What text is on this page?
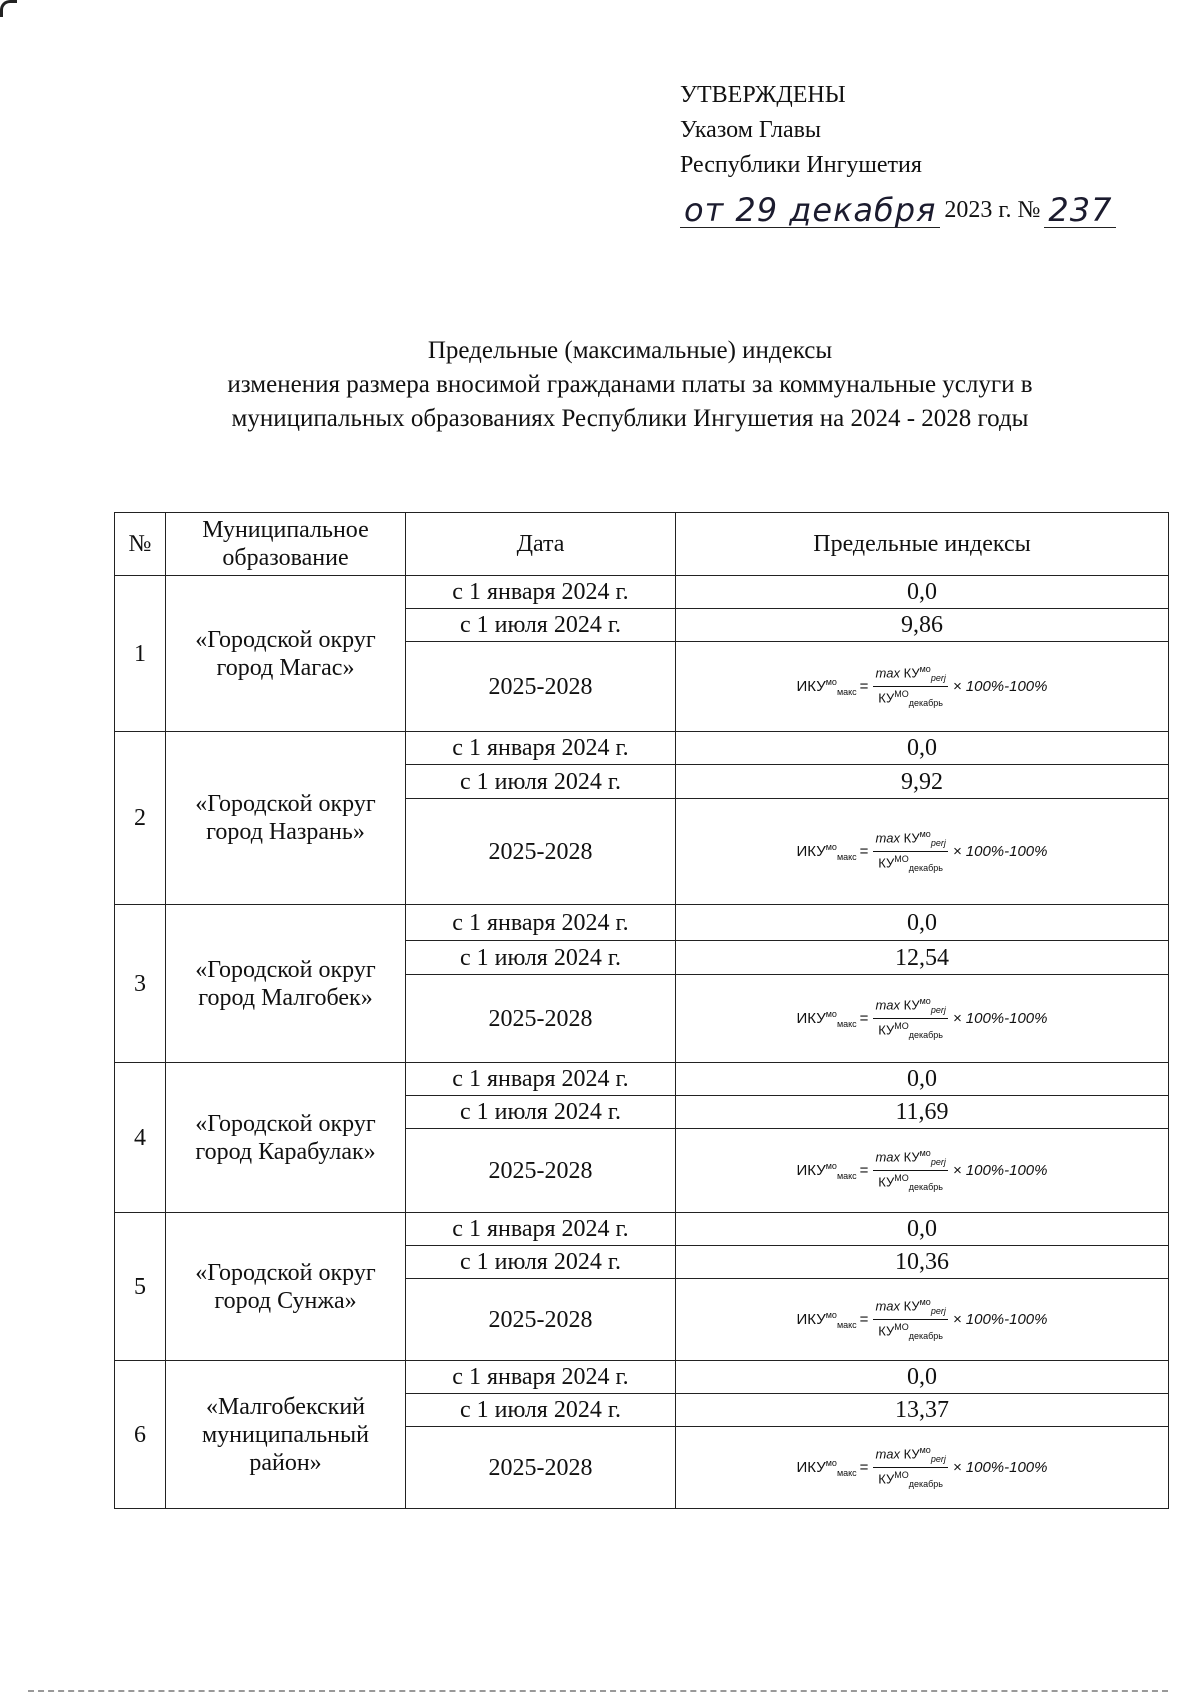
УТВЕРЖДЕНЫ
Указом Главы
Республики Ингушетия
от 29 декабря 2023 г. № 237
Предельные (максимальные) индексы
изменения размера вносимой гражданами платы за коммунальные услуги в
муниципальных образованиях Республики Ингушетия на 2024 - 2028 годы
№	Муниципальное образование	Дата	Предельные индексы
1	«Городской округ город Магас»	с 1 января 2024 г.	0,0
		с 1 июля 2024 г.	9,86
		2025-2028	$ИКУ^{мо}_{макс} = \frac{\max КУ^{мо}_{perj}}{КУ^{МО}_{декабрь}} \times 100\%-100\%$

2	«Городской округ город Назрань»	с 1 января 2024 г.	0,0
		с 1 июля 2024 г.	9,92
		2025-2028	$ИКУ^{мо}_{макс} = \frac{\max КУ^{мо}_{perj}}{КУ^{МО}_{декабрь}} \times 100\%-100\%$

3	«Городской округ город Малгобек»	с 1 января 2024 г.	0,0
		с 1 июля 2024 г.	12,54
		2025-2028	$ИКУ^{мо}_{макс} = \frac{\max КУ^{мо}_{perj}}{КУ^{МО}_{декабрь}} \times 100\%-100\%$

4	«Городской округ город Карабулак»	с 1 января 2024 г.	0,0
		с 1 июля 2024 г.	11,69
		2025-2028	$ИКУ^{мо}_{макс} = \frac{\max КУ^{мо}_{perj}}{КУ^{МО}_{декабрь}} \times 100\%-100\%$

5	«Городской округ город Сунжа»	с 1 января 2024 г.	0,0
		с 1 июля 2024 г.	10,36
		2025-2028	$ИКУ^{мо}_{макс} = \frac{\max КУ^{мо}_{perj}}{КУ^{МО}_{декабрь}} \times 100\%-100\%$

6	«Малгобекский муниципальный район»	с 1 января 2024 г.	0,0
		с 1 июля 2024 г.	13,37
		2025-2028	$ИКУ^{мо}_{макс} = \frac{\max КУ^{мо}_{perj}}{КУ^{МО}_{декабрь}} \times 100\%-100\%$
